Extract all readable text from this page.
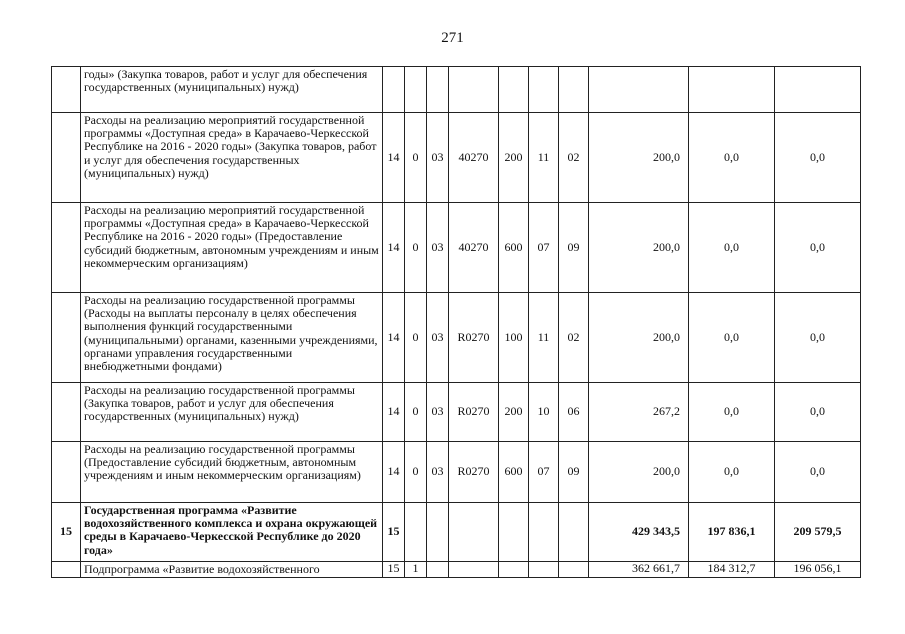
271
	годы» (Закупка товаров, работ и услуг для обеспечения государственных (муниципальных) нужд)										
	Расходы на реализацию мероприятий государственной программы «Доступная среда» в Карачаево-Черкесской Республике на 2016 - 2020 годы» (Закупка товаров, работ и услуг для обеспечения государственных (муниципальных) нужд)	14	0	03	40270	200	11	02	200,0	0,0	0,0
	Расходы на реализацию мероприятий государственной программы «Доступная среда» в Карачаево-Черкесской Республике на 2016 - 2020 годы» (Предоставление субсидий бюджетным, автономным учреждениям и иным некоммерческим организациям)	14	0	03	40270	600	07	09	200,0	0,0	0,0
	Расходы на реализацию государственной программы (Расходы на выплаты персоналу в целях обеспечения выполнения функций государственными (муниципальными) органами, казенными учреждениями, органами управления государственными внебюджетными фондами)	14	0	03	R0270	100	11	02	200,0	0,0	0,0
	Расходы на реализацию государственной программы (Закупка товаров, работ и услуг для обеспечения государственных (муниципальных) нужд)	14	0	03	R0270	200	10	06	267,2	0,0	0,0
	Расходы на реализацию государственной программы (Предоставление субсидий бюджетным, автономным учреждениям и иным некоммерческим организациям)	14	0	03	R0270	600	07	09	200,0	0,0	0,0
15	Государственная программа «Развитие водохозяйственного комплекса и охрана окружающей среды в Карачаево-Черкесской Республике до 2020 года»	15							429 343,5	197 836,1	209 579,5
	Подпрограмма «Развитие водохозяйственного	15	1						362 661,7	184 312,7	196 056,1
